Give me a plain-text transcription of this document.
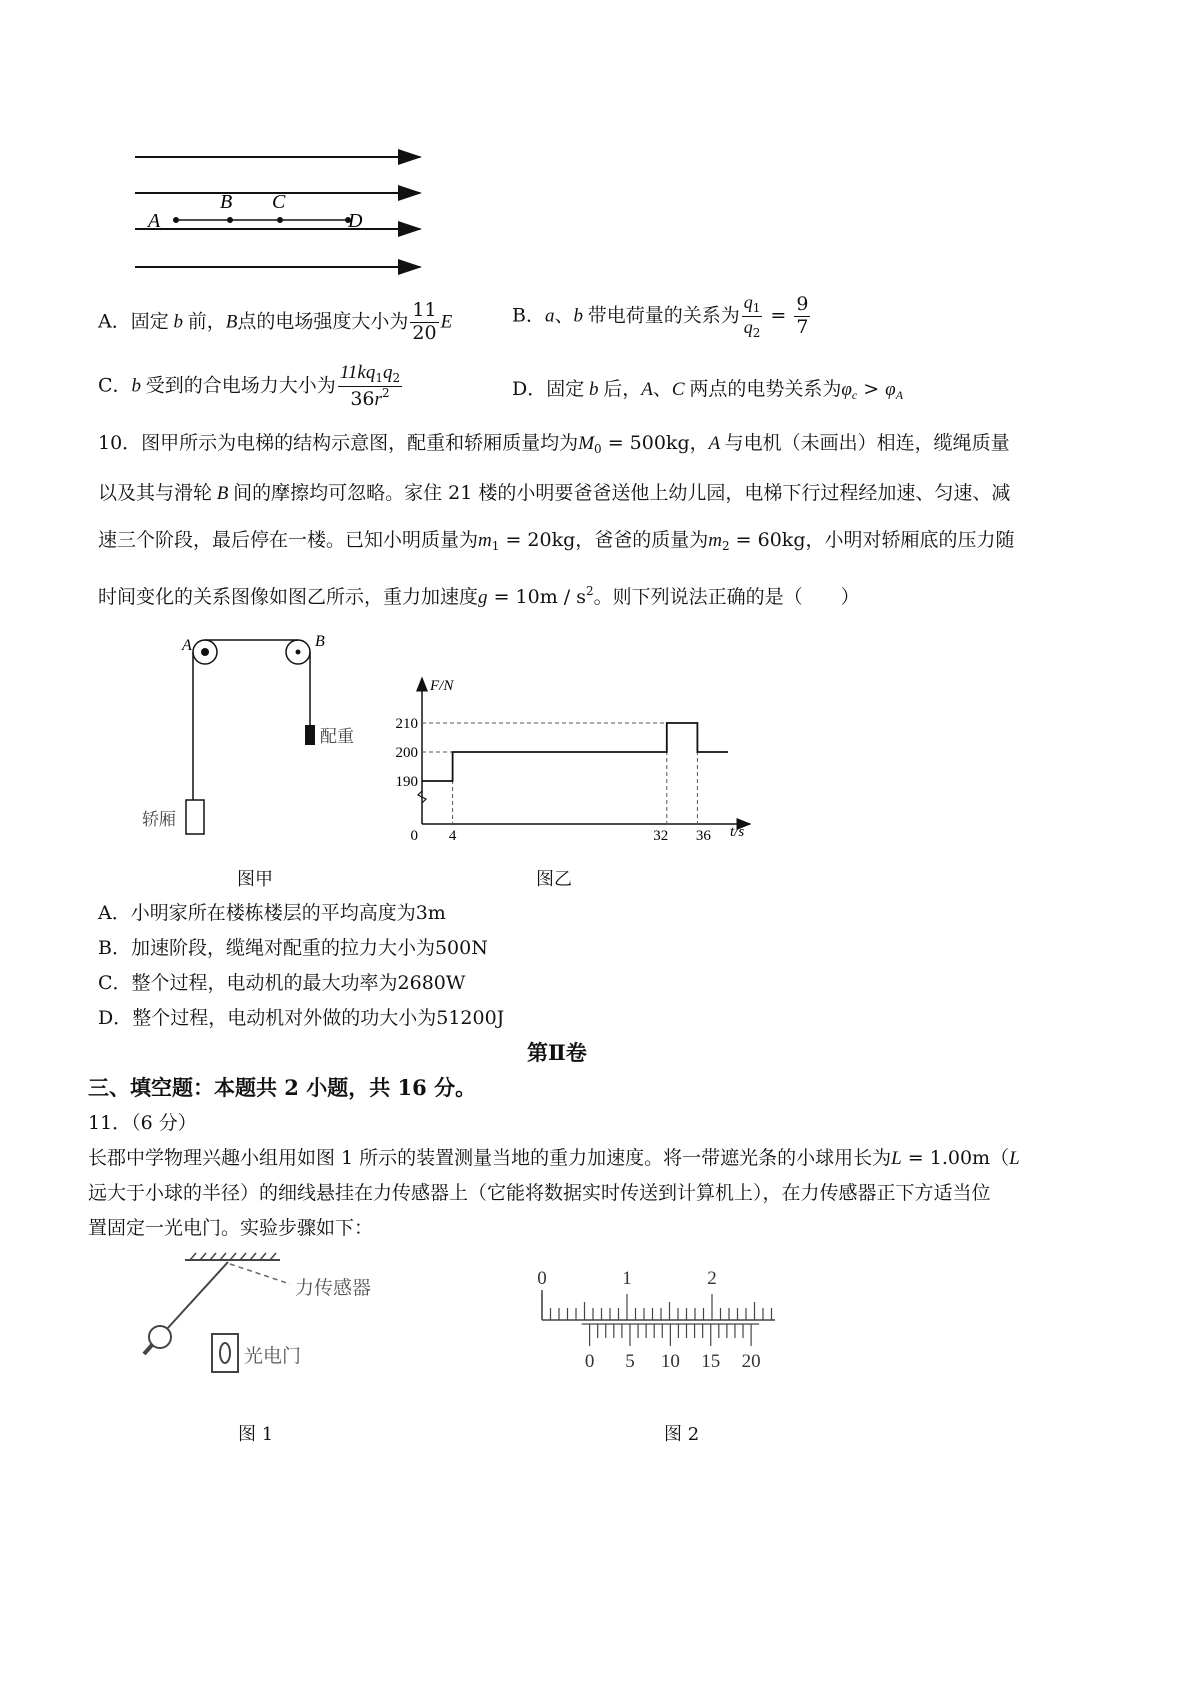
A
B C
D
A．固定 b 前，B点的电场强度大小为 $\frac{11}{20}$ E	B．a、b 带电荷量的关系为 $\frac{q_1}{q_2} = \frac{9}{7}$
C．b 受到的合电场力大小为 $\frac{11kq_1q_2}{36r^2}$	D．固定 b 后，A、C 两点的电势关系为$\varphi_c > \varphi_A$
10．图甲所示为电梯的结构示意图，配重和轿厢质量均为$M_0 = 500kg$，A 与电机（未画出）相连，缆绳质量
以及其与滑轮 B 间的摩擦均可忽略。家住 21 楼的小明要爸爸送他上幼儿园，电梯下行过程经加速、匀速、减
速三个阶段，最后停在一楼。已知小明质量为$m_1 = 20kg$，爸爸的质量为$m_2 = 60kg$，小明对轿厢底的压力随
时间变化的关系图像如图乙所示，重力加速度$g = 10m / s^2$。则下列说法正确的是（　　）
A	B
配重
轿厢
图甲
210
200
190
0 4	32 36
F/N
t/s
图乙
A．小明家所在楼栋楼层的平均高度为3m
B．加速阶段，缆绳对配重的拉力大小为500N
C．整个过程，电动机的最大功率为2680W
D．整个过程，电动机对外做的功大小为51200J
第Ⅱ卷
三、填空题：本题共 2 小题，共 16 分。
11．（6 分）
长郡中学物理兴趣小组用如图 1 所示的装置测量当地的重力加速度。将一带遮光条的小球用长为L = 1.00m（L
远大于小球的半径）的细线悬挂在力传感器上（它能将数据实时传送到计算机上），在力传感器正下方适当位
置固定一光电门。实验步骤如下：
力传感器
光电门
图 1
0	1	2
0 5 10 15 20
图 2
